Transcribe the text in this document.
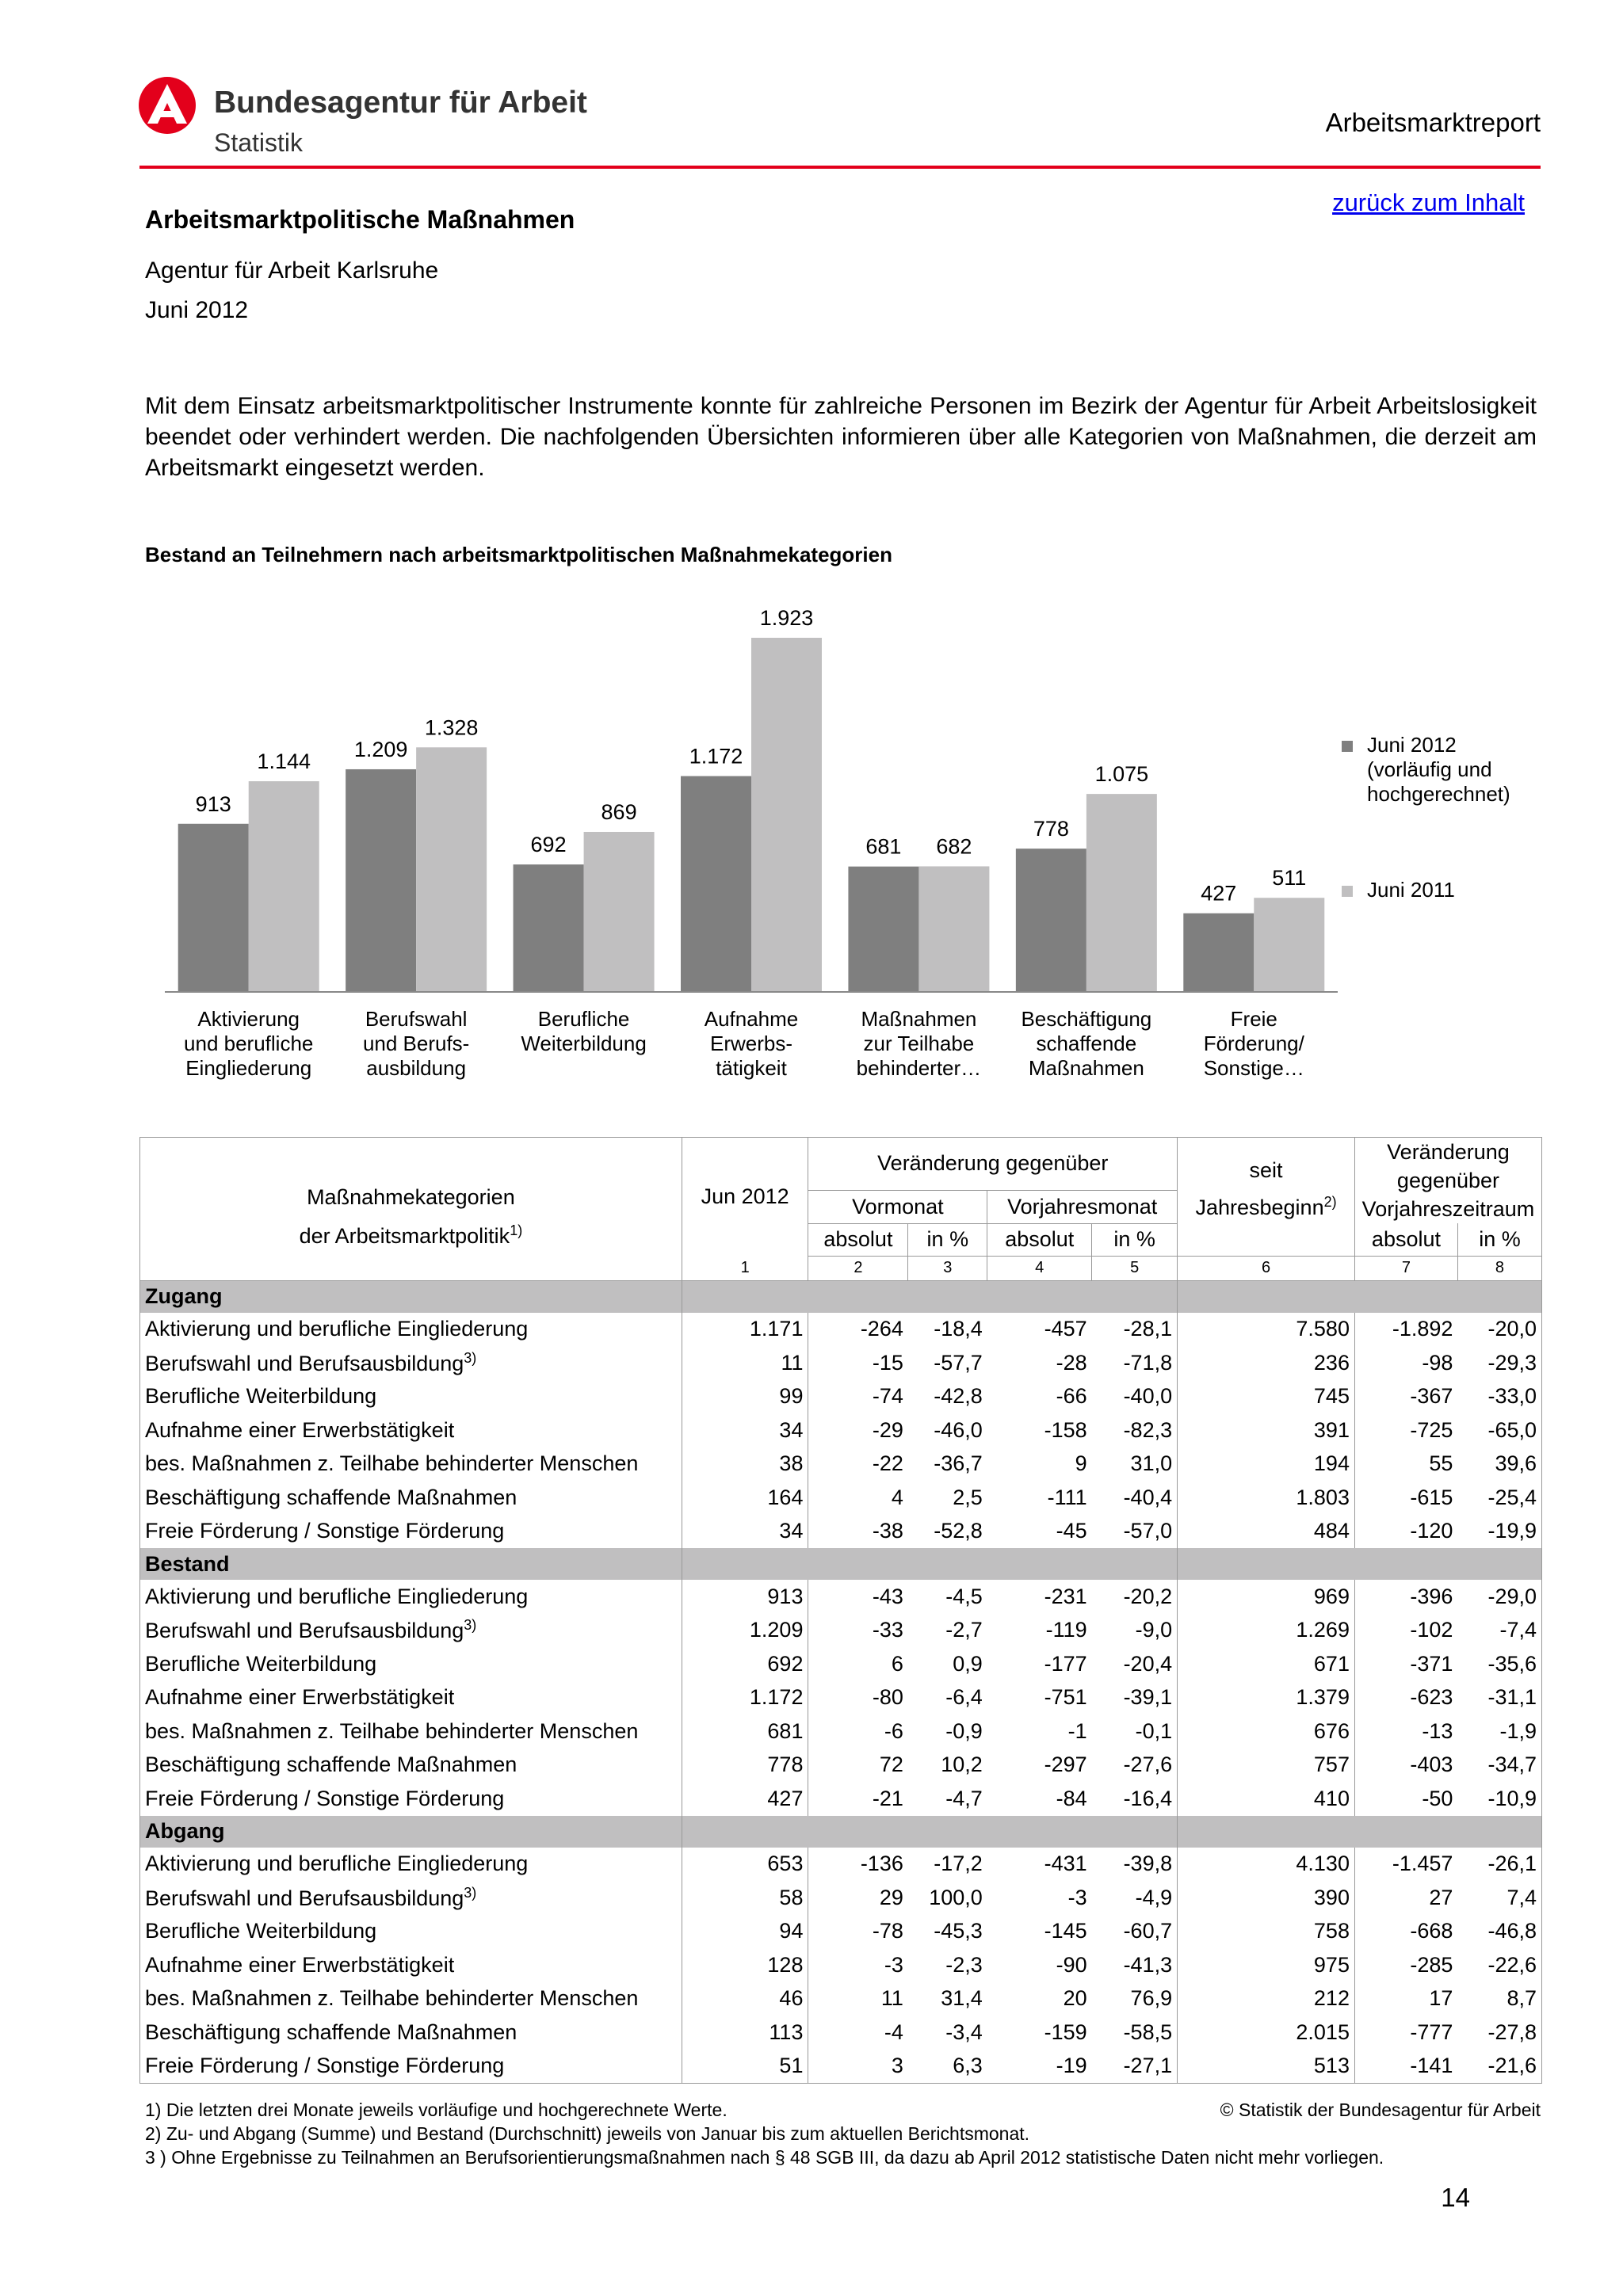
Bundesagentur für Arbeit
Statistik
Arbeitsmarktreport
zurück zum Inhalt
Arbeitsmarktpolitische Maßnahmen
Agentur für Arbeit Karlsruhe
Juni 2012
Mit dem Einsatz arbeitsmarktpolitischer Instrumente konnte für zahlreiche Personen im Bezirk der Agentur für Arbeit Arbeitslosigkeit beendet oder verhindert werden. Die nachfolgenden Übersichten informieren über alle Kategorien von Maßnahmen, die derzeit am Arbeitsmarkt eingesetzt werden.
Bestand an Teilnehmern nach arbeitsmarktpolitischen Maßnahmekategorien
913
1.144
Aktivierung
und berufliche
Eingliederung
1.209
1.328
Berufswahl
und Berufs-
ausbildung
692
869
Berufliche
Weiterbildung
1.172
1.923
Aufnahme
Erwerbs-
tätigkeit
681 682
Maßnahmen
zur Teilhabe
behinderter…
778
1.075
Beschäftigung
schaffende
Maßnahmen
427
511
Freie
Förderung/
Sonstige…
Juni 2012
(vorläufig und
hochgerechnet)
Juni 2011
Maßnahmekategorien
der Arbeitsmarktpolitik$^{1)}$	Jun 2012	Veränderung gegenüber				seit
Jahresbeginn$^{2)}$	Veränderung
gegenüber
Vorjahreszeitraum	
		Vormonat		Vorjahresmonat				
		absolut	in %	absolut	in %		absolut	in %
	1	2	3	4	5	6	7	8
Zugang								
Aktivierung und berufliche Eingliederung	1.171	-264	-18,4	-457	-28,1	7.580	-1.892	-20,0
Berufswahl und Berufsausbildung$^{3)}$	11	-15	-57,7	-28	-71,8	236	-98	-29,3
Berufliche Weiterbildung	99	-74	-42,8	-66	-40,0	745	-367	-33,0
Aufnahme einer Erwerbstätigkeit	34	-29	-46,0	-158	-82,3	391	-725	-65,0
bes. Maßnahmen z. Teilhabe behinderter Menschen	38	-22	-36,7	9	31,0	194	55	39,6
Beschäftigung schaffende Maßnahmen	164	4	2,5	-111	-40,4	1.803	-615	-25,4
Freie Förderung / Sonstige Förderung	34	-38	-52,8	-45	-57,0	484	-120	-19,9
Bestand								
Aktivierung und berufliche Eingliederung	913	-43	-4,5	-231	-20,2	969	-396	-29,0
Berufswahl und Berufsausbildung$^{3)}$	1.209	-33	-2,7	-119	-9,0	1.269	-102	-7,4
Berufliche Weiterbildung	692	6	0,9	-177	-20,4	671	-371	-35,6
Aufnahme einer Erwerbstätigkeit	1.172	-80	-6,4	-751	-39,1	1.379	-623	-31,1
bes. Maßnahmen z. Teilhabe behinderter Menschen	681	-6	-0,9	-1	-0,1	676	-13	-1,9
Beschäftigung schaffende Maßnahmen	778	72	10,2	-297	-27,6	757	-403	-34,7
Freie Förderung / Sonstige Förderung	427	-21	-4,7	-84	-16,4	410	-50	-10,9
Abgang								
Aktivierung und berufliche Eingliederung	653	-136	-17,2	-431	-39,8	4.130	-1.457	-26,1
Berufswahl und Berufsausbildung$^{3)}$	58	29	100,0	-3	-4,9	390	27	7,4
Berufliche Weiterbildung	94	-78	-45,3	-145	-60,7	758	-668	-46,8
Aufnahme einer Erwerbstätigkeit	128	-3	-2,3	-90	-41,3	975	-285	-22,6
bes. Maßnahmen z. Teilhabe behinderter Menschen	46	11	31,4	20	76,9	212	17	8,7
Beschäftigung schaffende Maßnahmen	113	-4	-3,4	-159	-58,5	2.015	-777	-27,8
Freie Förderung / Sonstige Förderung	51	3	6,3	-19	-27,1	513	-141	-21,6
1) Die letzten drei Monate jeweils vorläufige und hochgerechnete Werte.
2) Zu- und Abgang (Summe) und Bestand (Durchschnitt) jeweils von Januar bis zum aktuellen Berichtsmonat.
3 ) Ohne Ergebnisse zu Teilnahmen an Berufsorientierungsmaßnahmen nach § 48 SGB III, da dazu ab April 2012 statistische Daten nicht mehr vorliegen.
© Statistik der Bundesagentur für Arbeit
14
